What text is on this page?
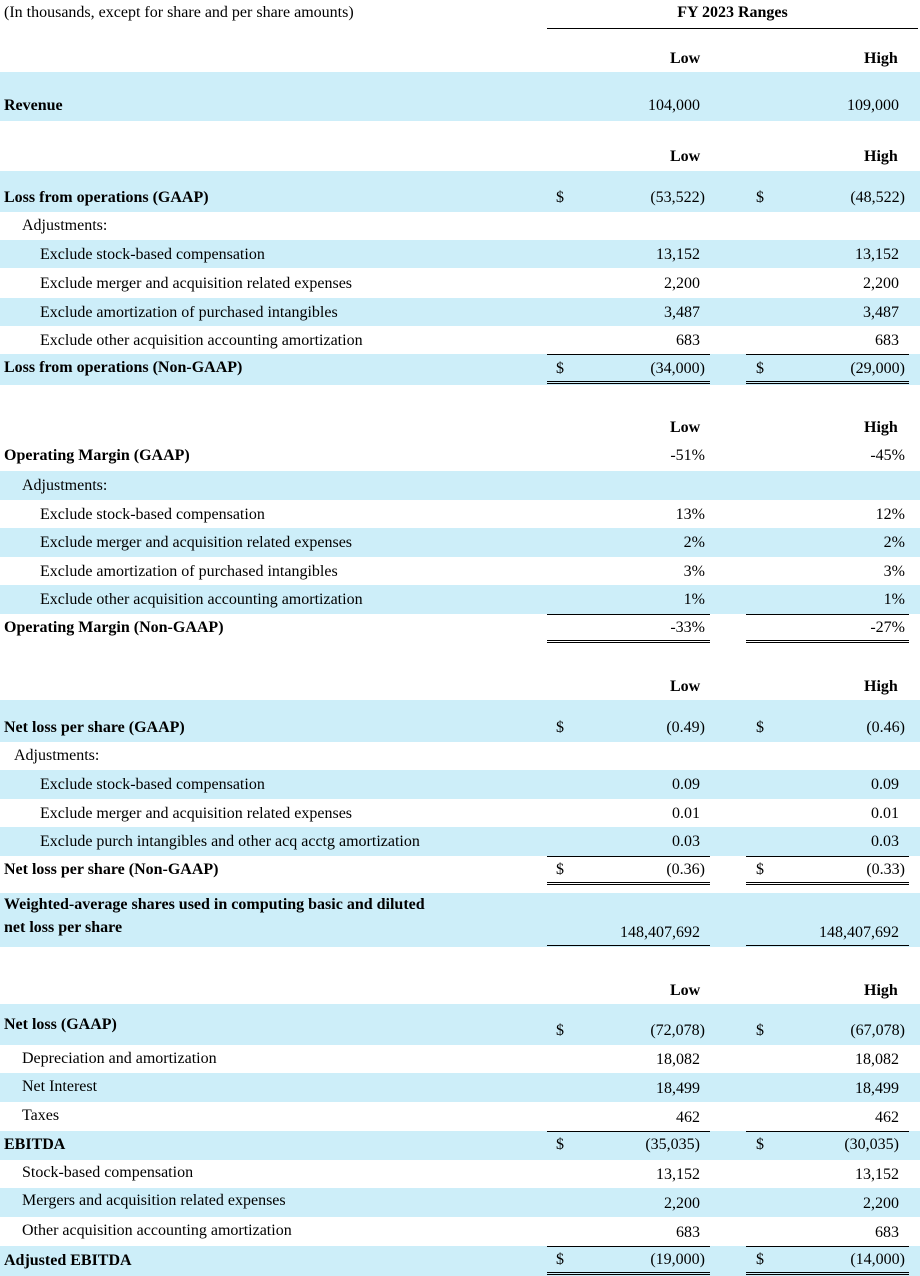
(In thousands, except for share and per share amounts)	FY 2023 Ranges
Low	High
Revenue	104,000	109,000
Low	High
Loss from operations (GAAP)	$	(53,522)	$	(48,522)
Adjustments:
Exclude stock-based compensation	13,152	13,152
Exclude merger and acquisition related expenses	2,200	2,200
Exclude amortization of purchased intangibles	3,487	3,487
Exclude other acquisition accounting amortization	683	683
Loss from operations (Non-GAAP)	$	(34,000)	$	(29,000)
Low	High
Operating Margin (GAAP)	-51%	-45%
Adjustments:
Exclude stock-based compensation	13%	12%
Exclude merger and acquisition related expenses	2%	2%
Exclude amortization of purchased intangibles	3%	3%
Exclude other acquisition accounting amortization	1%	1%
Operating Margin (Non-GAAP)	-33%	-27%
Low	High
Net loss per share (GAAP)	$	(0.49)	$	(0.46)
Adjustments:
Exclude stock-based compensation	0.09	0.09
Exclude merger and acquisition related expenses	0.01	0.01
Exclude purch intangibles and other acq acctg amortization	0.03	0.03
Net loss per share (Non-GAAP)	$	(0.36)	$	(0.33)
Weighted-average shares used in computing basic and diluted
net loss per share	148,407,692	148,407,692
Low	High
Net loss (GAAP)	$	(72,078)	$	(67,078)
Depreciation and amortization	18,082	18,082
Net Interest	18,499	18,499
Taxes	462	462
EBITDA	$	(35,035)	$	(30,035)
Stock-based compensation	13,152	13,152
Mergers and acquisition related expenses	2,200	2,200
Other acquisition accounting amortization	683	683
Adjusted EBITDA	$	(19,000)	$	(14,000)
